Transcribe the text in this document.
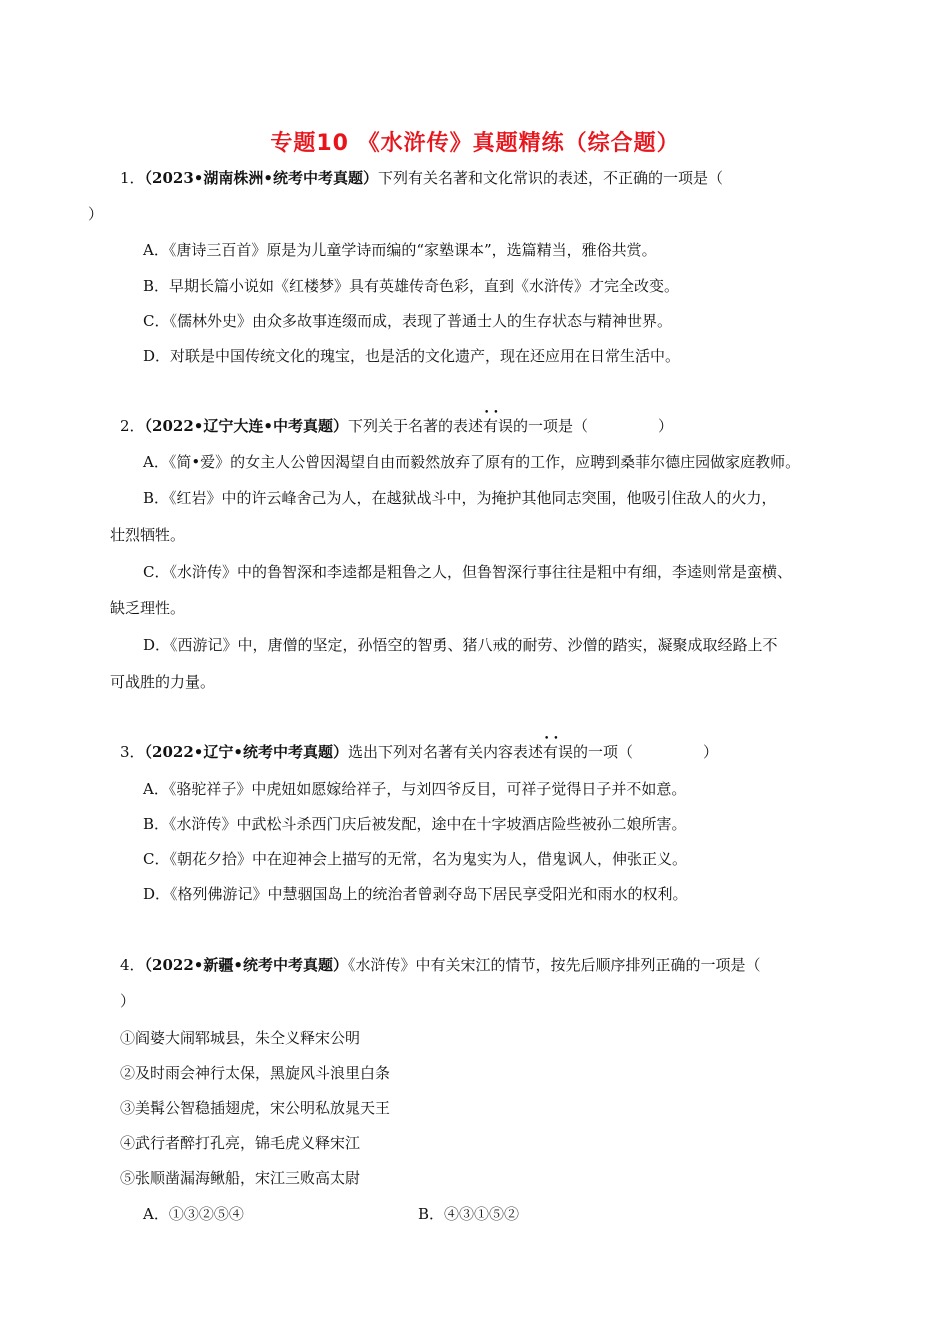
专题10 《水浒传》真题精练（综合题）
1．（2023•湖南株洲•统考中考真题）下列有关名著和文化常识的表述，不正确的一项是（
）
A．《唐诗三百首》原是为儿童学诗而编的“家塾课本”，选篇精当，雅俗共赏。
B．早期长篇小说如《红楼梦》具有英雄传奇色彩，直到《水浒传》才完全改变。
C．《儒林外史》由众多故事连缀而成，表现了普通士人的生存状态与精神世界。
D．对联是中国传统文化的瑰宝，也是活的文化遗产，现在还应用在日常生活中。
2．（2022•辽宁大连•中考真题）下列关于名著的表述有误 ••的一项是（	）
A．《简•爱》的女主人公曾因渴望自由而毅然放弃了原有的工作，应聘到桑菲尔德庄园做家庭教师。
B．《红岩》中的许云峰舍己为人，在越狱战斗中，为掩护其他同志突围，他吸引住敌人的火力，
壮烈牺牲。
C．《水浒传》中的鲁智深和李逵都是粗鲁之人，但鲁智深行事往往是粗中有细，李逵则常是蛮横、
缺乏理性。
D．《西游记》中，唐僧的坚定，孙悟空的智勇、猪八戒的耐劳、沙僧的踏实，凝聚成取经路上不
可战胜的力量。
3．（2022•辽宁•统考中考真题）选出下列对名著有关内容表述有误 ••的一项（	）
A．《骆驼祥子》中虎妞如愿嫁给祥子，与刘四爷反目，可祥子觉得日子并不如意。
B．《水浒传》中武松斗杀西门庆后被发配，途中在十字坡酒店险些被孙二娘所害。
C．《朝花夕拾》中在迎神会上描写的无常，名为鬼实为人，借鬼讽人，伸张正义。
D．《格列佛游记》中慧骃国岛上的统治者曾剥夺岛下居民享受阳光和雨水的权利。
4．（2022•新疆•统考中考真题）《水浒传》中有关宋江的情节，按先后顺序排列正确的一项是（
）
①阎婆大闹郓城县，朱仝义释宋公明
②及时雨会神行太保，黑旋风斗浪里白条
③美髯公智稳插翅虎，宋公明私放晁天王
④武行者醉打孔亮，锦毛虎义释宋江
⑤张顺凿漏海鳅船，宋江三败高太尉
A．①③②⑤④	B．④③①⑤②
